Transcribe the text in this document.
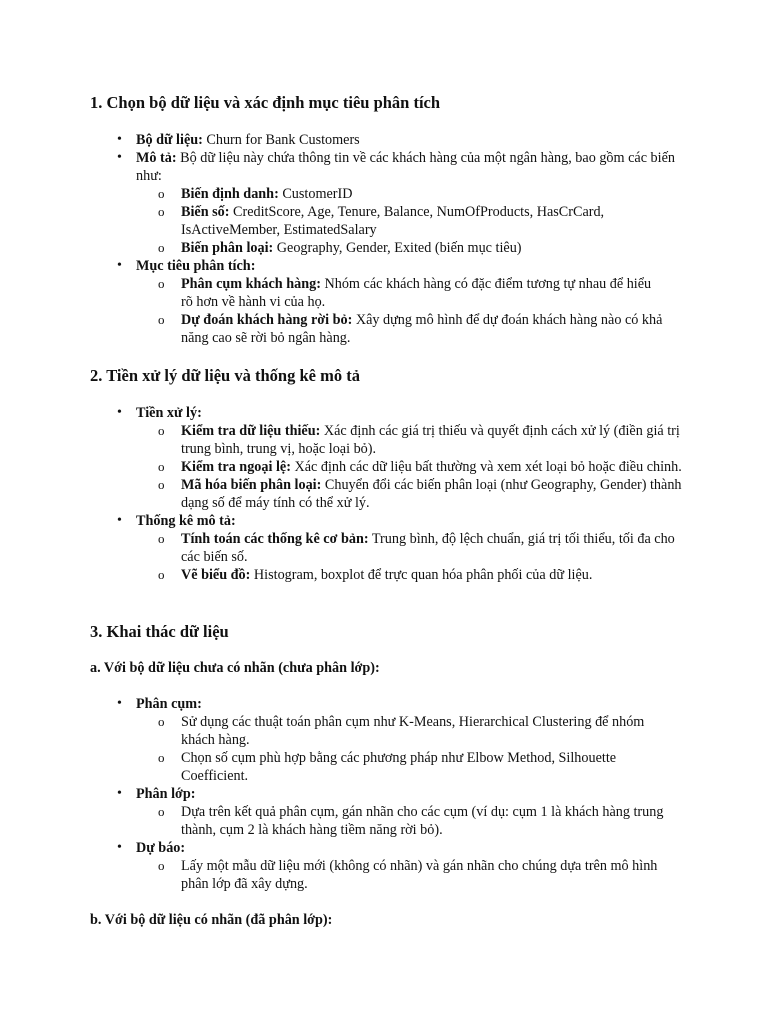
1. Chọn bộ dữ liệu và xác định mục tiêu phân tích
• Bộ dữ liệu: Churn for Bank Customers
• Mô tả: Bộ dữ liệu này chứa thông tin về các khách hàng của một ngân hàng, bao gồm các biến như:
o Biến định danh: CustomerID
o Biến số: CreditScore, Age, Tenure, Balance, NumOfProducts, HasCrCard, IsActiveMember, EstimatedSalary
o Biến phân loại: Geography, Gender, Exited (biến mục tiêu)
• Mục tiêu phân tích:
o Phân cụm khách hàng: Nhóm các khách hàng có đặc điểm tương tự nhau để hiểu rõ hơn về hành vi của họ.
o Dự đoán khách hàng rời bỏ: Xây dựng mô hình để dự đoán khách hàng nào có khả năng cao sẽ rời bỏ ngân hàng.
2. Tiền xử lý dữ liệu và thống kê mô tả
• Tiền xử lý:
o Kiểm tra dữ liệu thiếu: Xác định các giá trị thiếu và quyết định cách xử lý (điền giá trị trung bình, trung vị, hoặc loại bỏ).
o Kiểm tra ngoại lệ: Xác định các dữ liệu bất thường và xem xét loại bỏ hoặc điều chỉnh.
o Mã hóa biến phân loại: Chuyển đổi các biến phân loại (như Geography, Gender) thành dạng số để máy tính có thể xử lý.
• Thống kê mô tả:
o Tính toán các thống kê cơ bản: Trung bình, độ lệch chuẩn, giá trị tối thiểu, tối đa cho các biến số.
o Vẽ biểu đồ: Histogram, boxplot để trực quan hóa phân phối của dữ liệu.
3. Khai thác dữ liệu
a. Với bộ dữ liệu chưa có nhãn (chưa phân lớp):
• Phân cụm:
o Sử dụng các thuật toán phân cụm như K-Means, Hierarchical Clustering để nhóm khách hàng.
o Chọn số cụm phù hợp bằng các phương pháp như Elbow Method, Silhouette Coefficient.
• Phân lớp:
o Dựa trên kết quả phân cụm, gán nhãn cho các cụm (ví dụ: cụm 1 là khách hàng trung thành, cụm 2 là khách hàng tiềm năng rời bỏ).
• Dự báo:
o Lấy một mẫu dữ liệu mới (không có nhãn) và gán nhãn cho chúng dựa trên mô hình phân lớp đã xây dựng.
b. Với bộ dữ liệu có nhãn (đã phân lớp):
